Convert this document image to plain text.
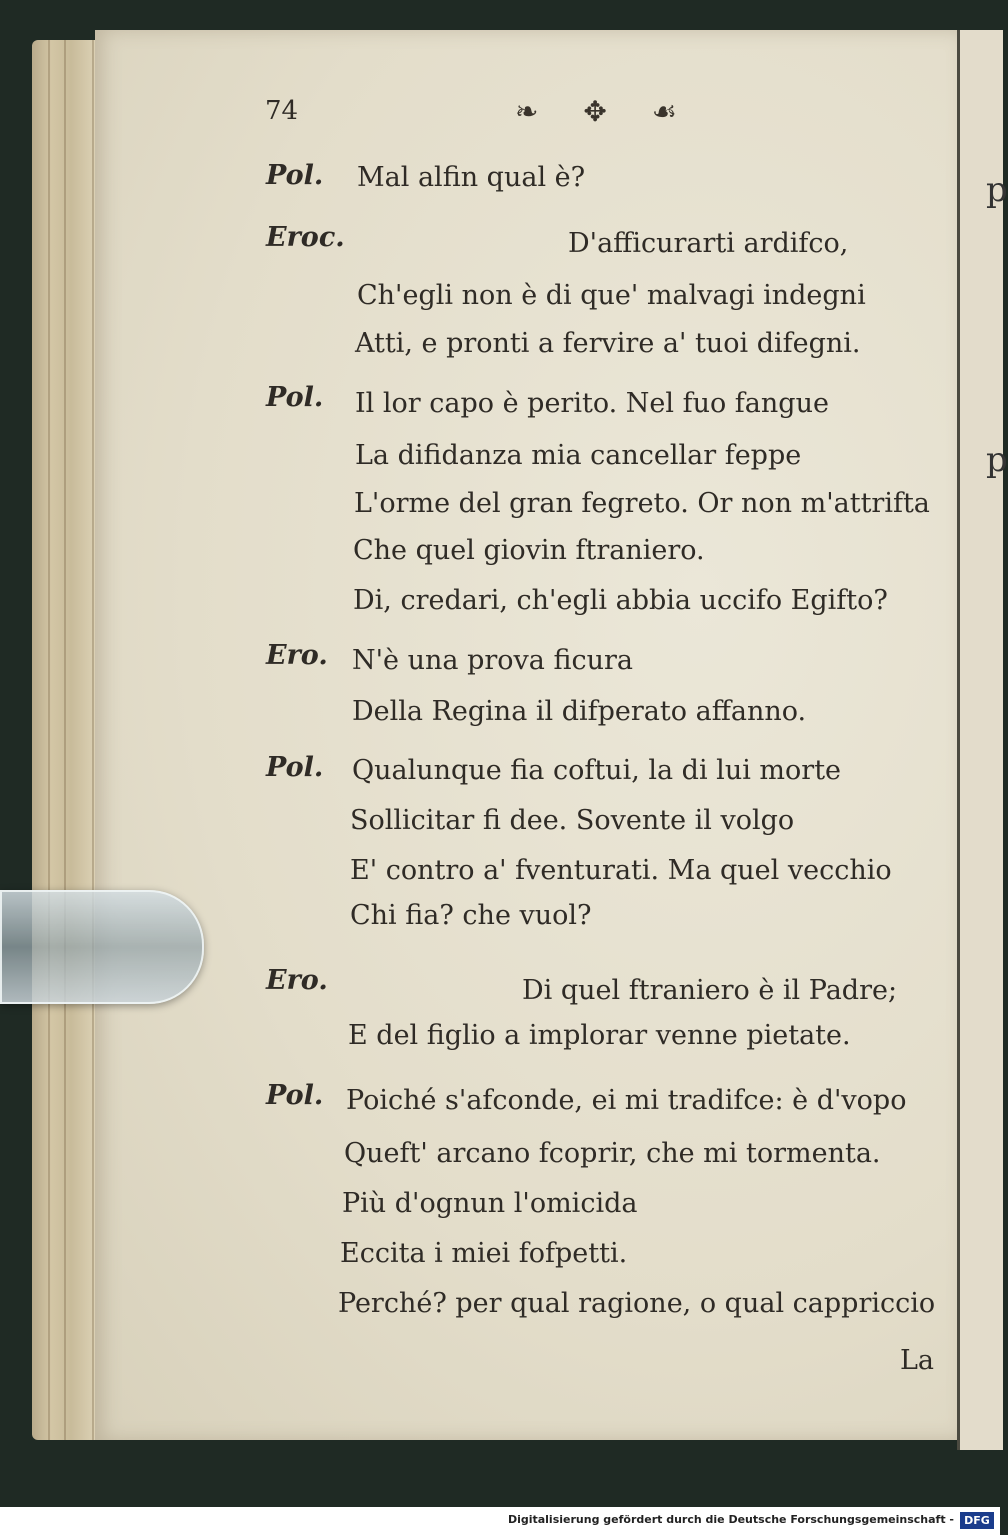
p
p
74	❧ ✥ ☙
Pol. Mal alfin qual è?
Eroc.	D'afficurarti ardifco,
Ch'egli non è di que' malvagi indegni
Atti, e pronti a fervire a' tuoi difegni.
Pol. Il lor capo è perito. Nel fuo fangue
La difidanza mia cancellar feppe
L'orme del gran fegreto. Or non m'attrifta
Che quel giovin ftraniero.
Di, credari, ch'egli abbia uccifo Egifto?
Ero. N'è una prova ficura
Della Regina il difperato affanno.
Pol. Qualunque fia coftui, la di lui morte
Sollicitar fi dee. Sovente il volgo
E' contro a' fventurati. Ma quel vecchio
Chi fia? che vuol?
Ero.	Di quel ftraniero è il Padre;
E del figlio a implorar venne pietate.
Pol. Poiché s'afconde, ei mi tradifce: è d'vopo
Queft' arcano fcoprir, che mi tormenta.
Più d'ognun l'omicida
Eccita i miei fofpetti.
Perché? per qual ragione, o qual cappriccio
La
Digitalisierung gefördert durch die Deutsche Forschungsgemeinschaft - DFG
